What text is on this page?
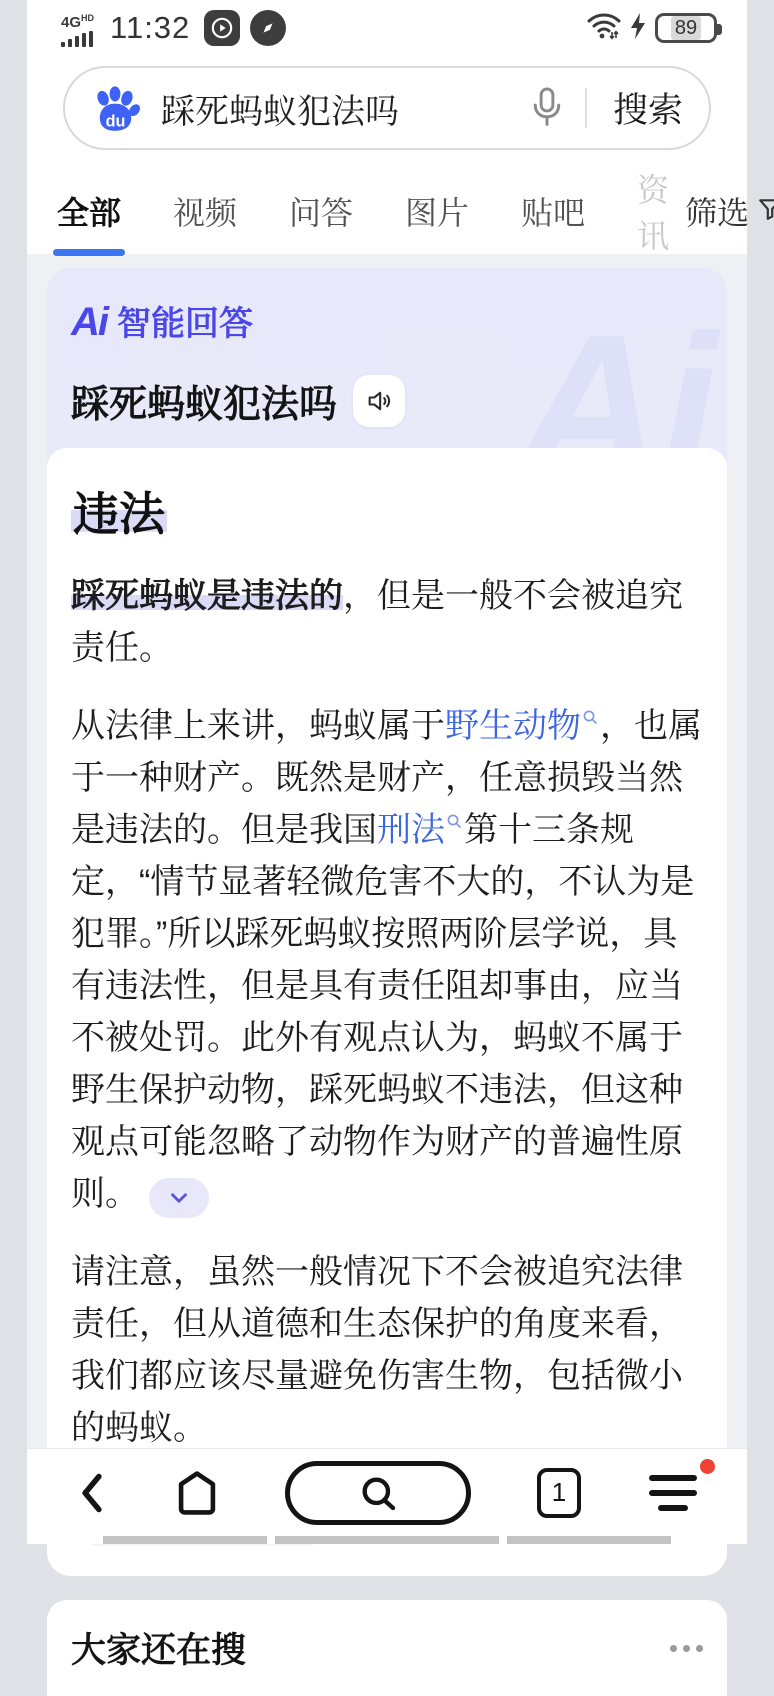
$4G^{HD}$ 11:32	89
du 踩死蚂蚁犯法吗	搜索
全部 视频 问答 图片 贴吧
资讯
筛选
Ai
Ai 智能回答
踩死蚂蚁犯法吗
违法

踩死蚂蚁是违法的，但是一般不会被追究责任。

从法律上来讲，蚂蚁属于野生动物 ，也属于一种财产。既然是财产，任意损毁当然是违法的。但是我国刑法 第十三条规定，“情节显著轻微危害不大的，不认为是犯罪。”所以踩死蚂蚁按照两阶层学说，具有违法性，但是具有责任阻却事由，应当不被处罚。此外有观点认为，蚂蚁不属于野生保护动物，踩死蚂蚁不违法，但这种观点可能忽略了动物作为财产的普遍性原则。

请注意，虽然一般情况下不会被追究法律责任，但从道德和生态保护的角度来看，我们都应该尽量避免伤害生物，包括微小的蚂蚁。

大家还在搜
1
